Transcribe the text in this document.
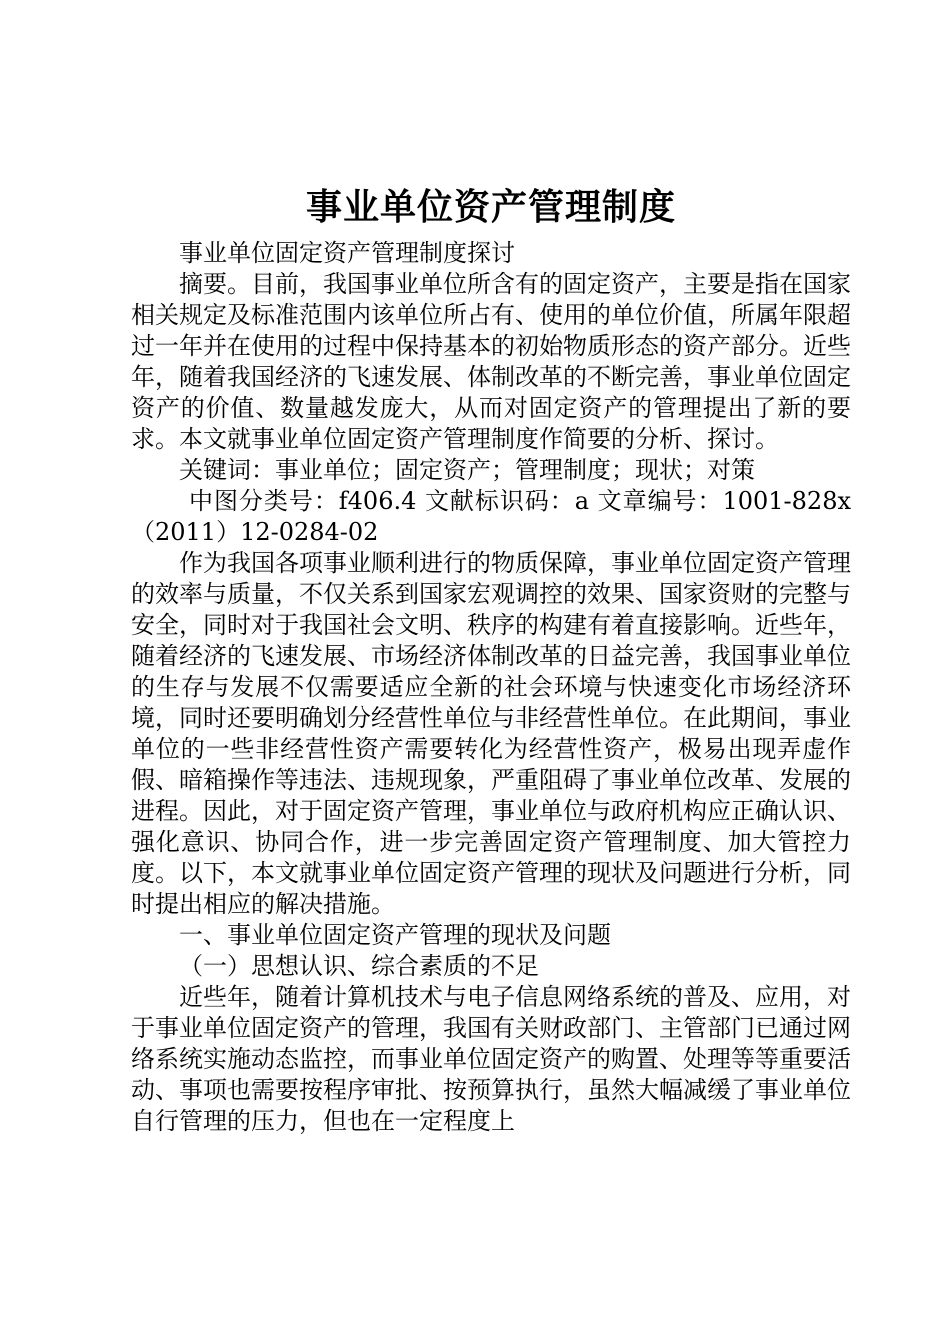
事业单位资产管理制度

事业单位固定资产管理制度探讨

摘要。目前，我国事业单位所含有的固定资产，主要是指在国家相关规定及标准范围内该单位所占有、使用的单位价值，所属年限超过一年并在使用的过程中保持基本的初始物质形态的资产部分。近些年，随着我国经济的飞速发展、体制改革的不断完善，事业单位固定资产的价值、数量越发庞大，从而对固定资产的管理提出了新的要求。本文就事业单位固定资产管理制度作简要的分析、探讨。

关键词：事业单位；固定资产；管理制度；现状；对策

中图分类号：f406.4 文献标识码：a 文章编号：1001-828x（2011）12-0284-02

作为我国各项事业顺利进行的物质保障，事业单位固定资产管理的效率与质量，不仅关系到国家宏观调控的效果、国家资财的完整与安全，同时对于我国社会文明、秩序的构建有着直接影响。近些年，随着经济的飞速发展、市场经济体制改革的日益完善，我国事业单位的生存与发展不仅需要适应全新的社会环境与快速变化市场经济环境，同时还要明确划分经营性单位与非经营性单位。在此期间，事业单位的一些非经营性资产需要转化为经营性资产，极易出现弄虚作假、暗箱操作等违法、违规现象，严重阻碍了事业单位改革、发展的进程。因此，对于固定资产管理，事业单位与政府机构应正确认识、强化意识、协同合作，进一步完善固定资产管理制度、加大管控力度。以下，本文就事业单位固定资产管理的现状及问题进行分析，同时提出相应的解决措施。

一、事业单位固定资产管理的现状及问题

（一）思想认识、综合素质的不足

近些年，随着计算机技术与电子信息网络系统的普及、应用，对于事业单位固定资产的管理，我国有关财政部门、主管部门已通过网络系统实施动态监控，而事业单位固定资产的购置、处理等等重要活动、事项也需要按程序审批、按预算执行，虽然大幅减缓了事业单位自行管理的压力，但也在一定程度上
